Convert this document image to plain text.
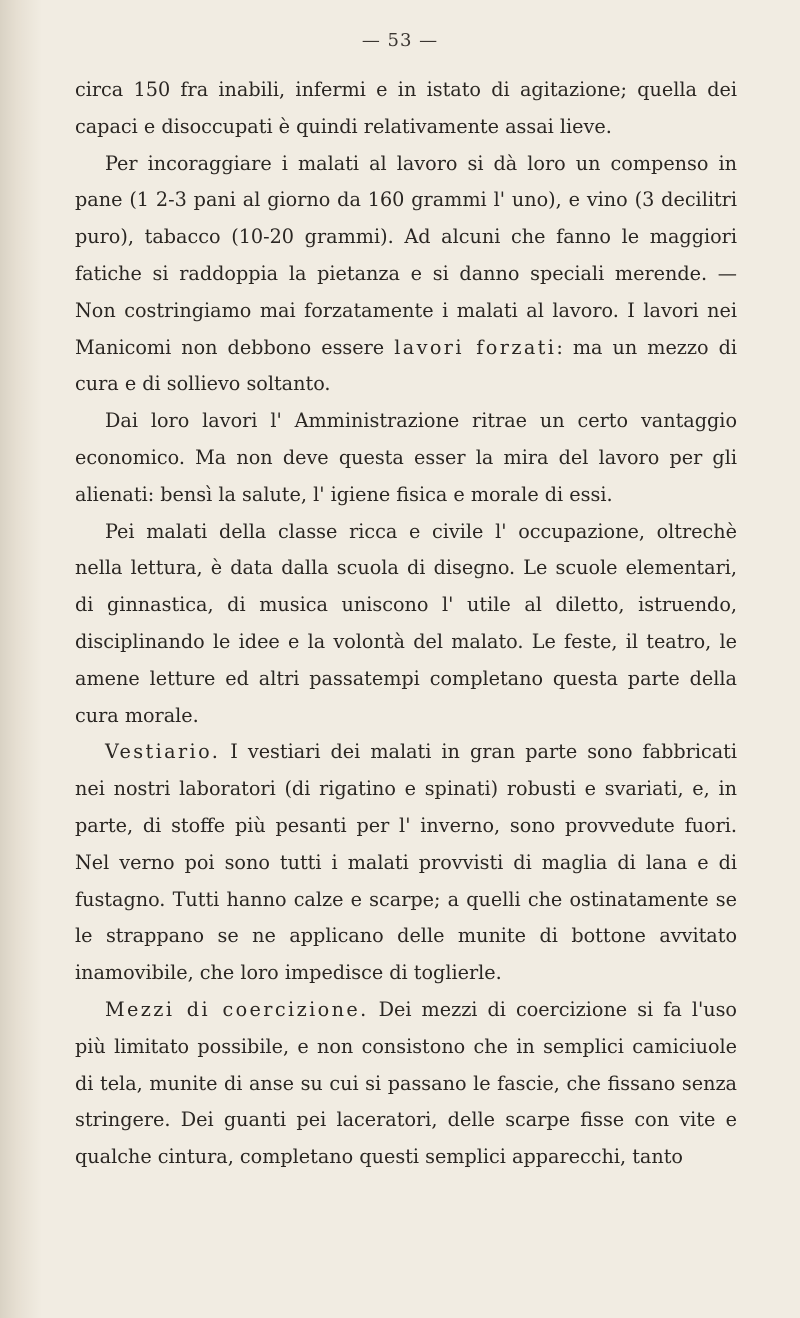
— 53 —

circa 150 fra inabili, infermi e in istato di agitazione; quella dei capaci e disoccupati è quindi relativamente assai lieve.

Per incoraggiare i malati al lavoro si dà loro un compenso in pane (1 2-3 pani al giorno da 160 grammi l' uno), e vino (3 decilitri puro), tabacco (10-20 grammi). Ad alcuni che fanno le maggiori fatiche si raddoppia la pietanza e si danno speciali merende. — Non costringiamo mai forzatamente i malati al lavoro. I lavori nei Manicomi non debbono essere lavori forzati: ma un mezzo di cura e di sollievo soltanto.

Dai loro lavori l' Amministrazione ritrae un certo vantaggio economico. Ma non deve questa esser la mira del lavoro per gli alienati: bensì la salute, l' igiene fisica e morale di essi.

Pei malati della classe ricca e civile l' occupazione, oltrechè nella lettura, è data dalla scuola di disegno. Le scuole elementari, di ginnastica, di musica uniscono l' utile al diletto, istruendo, disciplinando le idee e la volontà del malato. Le feste, il teatro, le amene letture ed altri passatempi completano questa parte della cura morale.

Vestiario. I vestiari dei malati in gran parte sono fabbricati nei nostri laboratori (di rigatino e spinati) robusti e svariati, e, in parte, di stoffe più pesanti per l' inverno, sono provvedute fuori. Nel verno poi sono tutti i malati provvisti di maglia di lana e di fustagno. Tutti hanno calze e scarpe; a quelli che ostinatamente se le strappano se ne applicano delle munite di bottone avvitato inamovibile, che loro impedisce di toglierle.

Mezzi di coercizione. Dei mezzi di coercizione si fa l'uso più limitato possibile, e non consistono che in semplici camiciuole di tela, munite di anse su cui si passano le fascie, che fissano senza stringere. Dei guanti pei laceratori, delle scarpe fisse con vite e qualche cintura, completano questi semplici apparecchi, tanto
